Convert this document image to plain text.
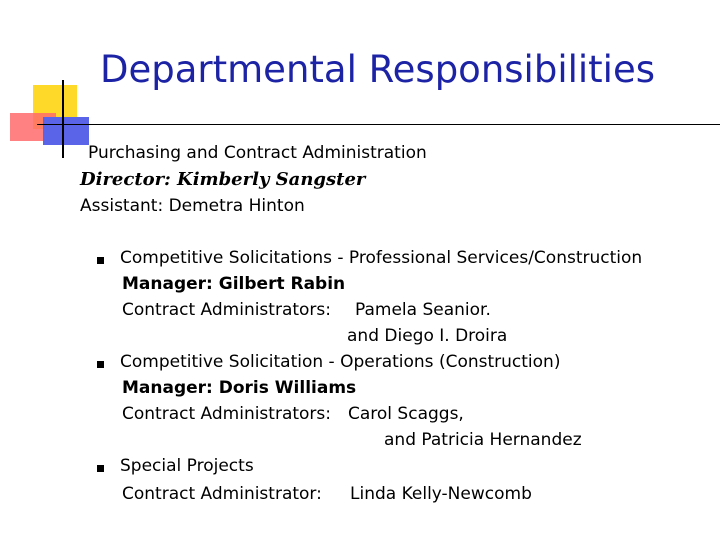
Departmental Responsibilities
Purchasing and Contract Administration
Director: Kimberly Sangster
Assistant: Demetra Hinton
Competitive Solicitations - Professional Services/Construction
Manager: Gilbert Rabin
Contract Administrators: Pamela Seanior.
and Diego I. Droira
Competitive Solicitation - Operations (Construction)
Manager: Doris Williams
Contract Administrators: Carol Scaggs,
and Patricia Hernandez
Special Projects
Contract Administrator: Linda Kelly-Newcomb
